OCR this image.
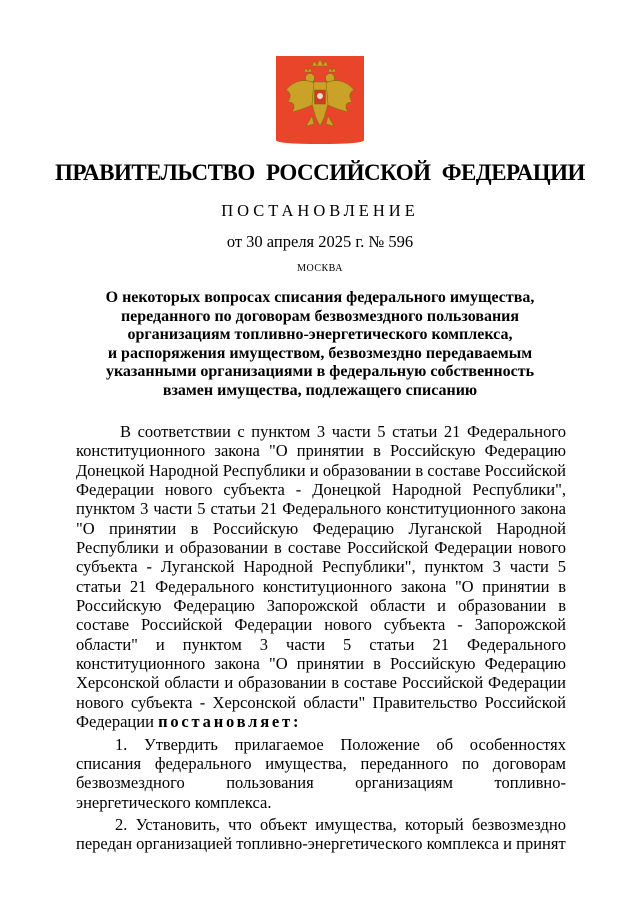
ПРАВИТЕЛЬСТВО РОССИЙСКОЙ ФЕДЕРАЦИИ
ПОСТАНОВЛЕНИЕ
от 30 апреля 2025 г. № 596
МОСКВА
О некоторых вопросах списания федерального имущества,
переданного по договорам безвозмездного пользования
организациям топливно-энергетического комплекса,
и распоряжения имуществом, безвозмездно передаваемым
указанными организациями в федеральную собственность
взамен имущества, подлежащего списанию

В соответствии с пунктом 3 части 5 статьи 21 Федерального конституционного закона "О принятии в Российскую Федерацию Донецкой Народной Республики и образовании в составе Российской Федерации нового субъекта - Донецкой Народной Республики", пунктом 3 части 5 статьи 21 Федерального конституционного закона "О принятии в Российскую Федерацию Луганской Народной Республики и образовании в составе Российской Федерации нового субъекта - Луганской Народной Республики", пунктом 3 части 5 статьи 21 Федерального конституционного закона "О принятии в Российскую Федерацию Запорожской области и образовании в составе Российской Федерации нового субъекта - Запорожской области" и пунктом 3 части 5 статьи 21 Федерального конституционного закона "О принятии в Российскую Федерацию Херсонской области и образовании в составе Российской Федерации нового субъекта - Херсонской области" Правительство Российской Федерации постановляет:

1. Утвердить прилагаемое Положение об особенностях списания федерального имущества, переданного по договорам безвозмездного пользования организациям топливно-энергетического комплекса.

2. Установить, что объект имущества, который безвозмездно передан организацией топливно-энергетического комплекса и принят
